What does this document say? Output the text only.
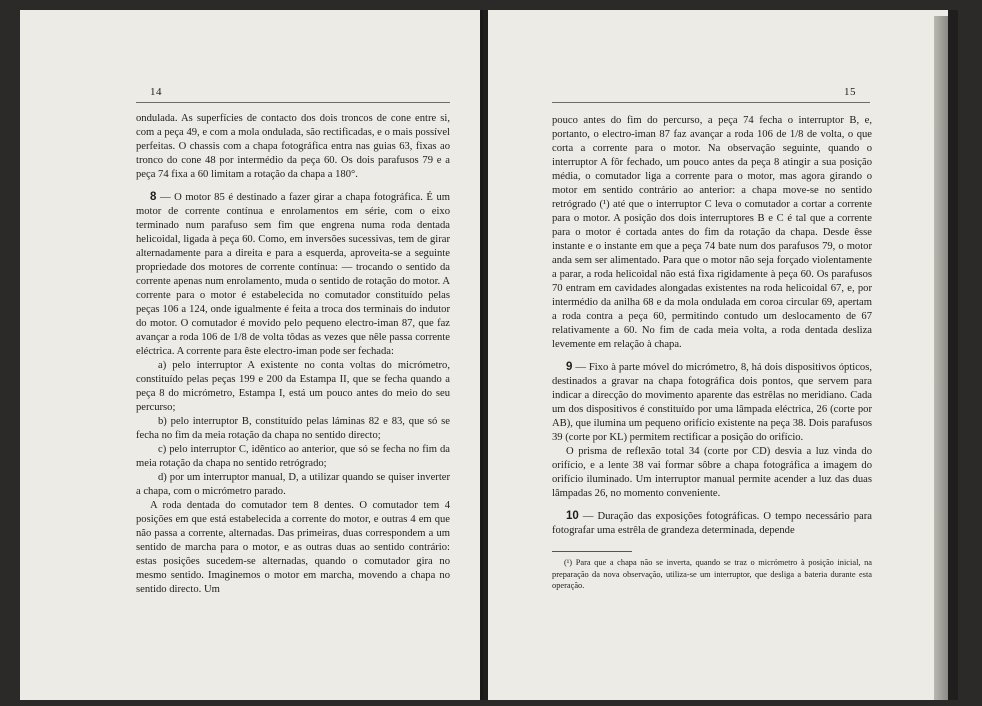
14

ondulada. As superfícies de contacto dos dois troncos de cone entre si, com a peça 49, e com a mola ondulada, são rectificadas, e o mais possível perfeitas. O chassis com a chapa fotográfica entra nas guias 63, fixas ao tronco do cone 48 por intermédio da peça 60. Os dois parafusos 79 e a peça 74 fixa a 60 limitam a rotação da chapa a 180°.

8 — O motor 85 é destinado a fazer girar a chapa fotográfica. É um motor de corrente contínua e enrolamentos em série, com o eixo terminado num parafuso sem fim que engrena numa roda dentada helicoidal, ligada à peça 60. Como, em inversões sucessivas, tem de girar alternadamente para a direita e para a esquerda, aproveita-se a seguinte propriedade dos motores de corrente contínua: — trocando o sentido da corrente apenas num enrolamento, muda o sentido de rotação do motor. A corrente para o motor é estabelecida no comutador constituído pelas peças 106 a 124, onde igualmente é feita a troca dos terminais do indutor do motor. O comutador é movido pelo pequeno electro-iman 87, que faz avançar a roda 106 de 1/8 de volta tôdas as vezes que nêle passa corrente eléctrica. A corrente para êste electro-iman pode ser fechada:

a) pelo interruptor A existente no conta voltas do micrómetro, constituído pelas peças 199 e 200 da Estampa II, que se fecha quando a peça 8 do micrómetro, Estampa I, está um pouco antes do meio do seu percurso;

b) pelo interruptor B, constituído pelas láminas 82 e 83, que só se fecha no fim da meia rotação da chapa no sentido directo;

c) pelo interruptor C, idêntico ao anterior, que só se fecha no fim da meia rotação da chapa no sentido retrógrado;

d) por um interruptor manual, D, a utilizar quando se quiser inverter a chapa, com o micrómetro parado.

A roda dentada do comutador tem 8 dentes. O comutador tem 4 posições em que está estabelecida a corrente do motor, e outras 4 em que não passa a corrente, alternadas. Das primeiras, duas correspondem a um sentido de marcha para o motor, e as outras duas ao sentido contrário: estas posições sucedem-se alternadas, quando o comutador gira no mesmo sentido. Imaginemos o motor em marcha, movendo a chapa no sentido directo. Um

15

pouco antes do fim do percurso, a peça 74 fecha o interruptor B, e, portanto, o electro-iman 87 faz avançar a roda 106 de 1/8 de volta, o que corta a corrente para o motor. Na observação seguinte, quando o interruptor A fôr fechado, um pouco antes da peça 8 atingir a sua posição média, o comutador liga a corrente para o motor, mas agora girando o motor em sentido contrário ao anterior: a chapa move-se no sentido retrógrado (¹) até que o interruptor C leva o comutador a cortar a corrente para o motor. A posição dos dois interruptores B e C é tal que a corrente para o motor é cortada antes do fim da rotação da chapa. Desde êsse instante e o instante em que a peça 74 bate num dos parafusos 79, o motor anda sem ser alimentado. Para que o motor não seja forçado violentamente a parar, a roda helicoidal não está fixa rigidamente à peça 60. Os parafusos 70 entram em cavidades alongadas existentes na roda helicoidal 67, e, por intermédio da anilha 68 e da mola ondulada em coroa circular 69, apertam a roda contra a peça 60, permitindo contudo um deslocamento de 67 relativamente a 60. No fim de cada meia volta, a roda dentada desliza levemente em relação à chapa.

9 — Fixo à parte móvel do micrómetro, 8, há dois dispositivos ópticos, destinados a gravar na chapa fotográfica dois pontos, que servem para indicar a direcção do movimento aparente das estrêlas no meridiano. Cada um dos dispositivos é constituído por uma lâmpada eléctrica, 26 (corte por AB), que ilumina um pequeno orifício existente na peça 38. Dois parafusos 39 (corte por KL) permitem rectificar a posição do orifício.

O prisma de reflexão total 34 (corte por CD) desvia a luz vinda do orifício, e a lente 38 vai formar sôbre a chapa fotográfica a imagem do orifício iluminado. Um interruptor manual permite acender a luz das duas lâmpadas 26, no momento conveniente.

10 — Duração das exposições fotográficas. O tempo necessário para fotografar uma estrêla de grandeza determinada, depende

(¹) Para que a chapa não se inverta, quando se traz o micrómetro à posição inicial, na preparação da nova observação, utiliza-se um interruptor, que desliga a bateria durante esta operação.
